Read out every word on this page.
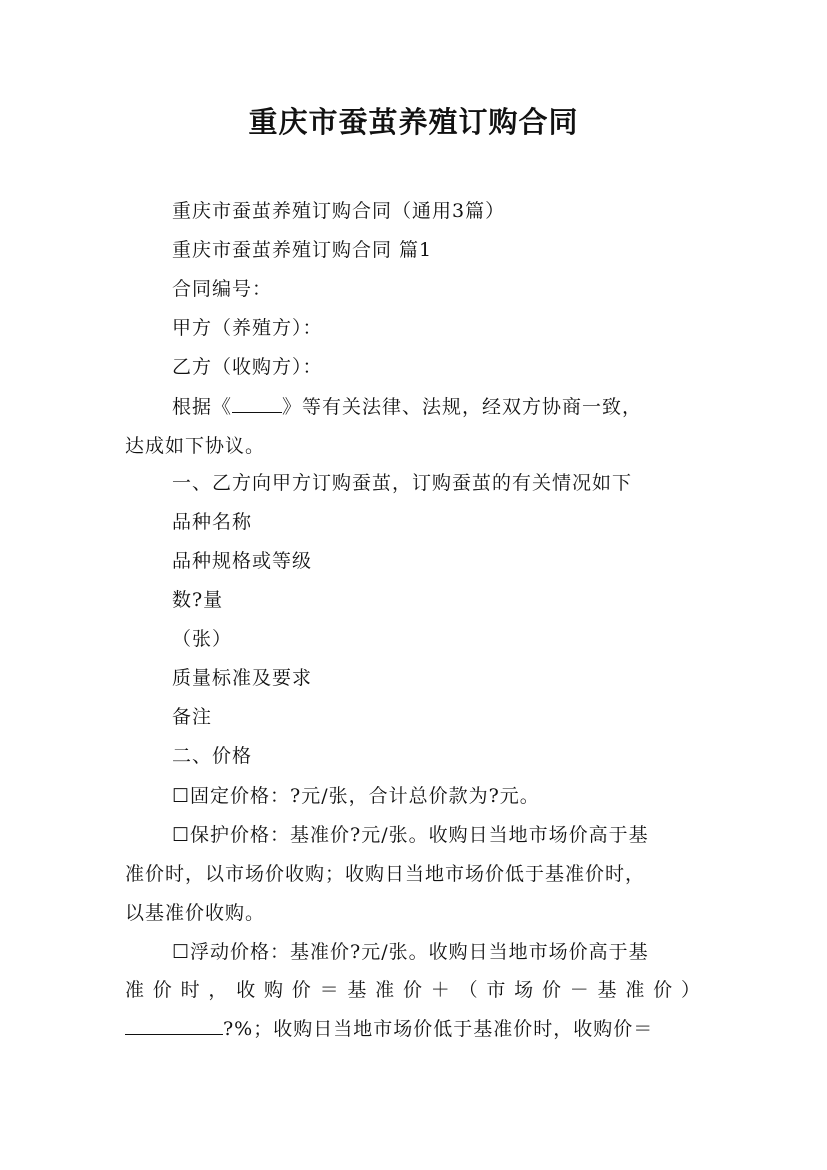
重庆市蚕茧养殖订购合同
重庆市蚕茧养殖订购合同（通用3篇）
重庆市蚕茧养殖订购合同 篇1
合同编号：
甲方（养殖方）：
乙方（收购方）：
根据《	》等有关法律、法规，经双方协商一致，
达成如下协议。
一、乙方向甲方订购蚕茧，订购蚕茧的有关情况如下
品种名称
品种规格或等级
数?量
（张）
质量标准及要求
备注
二、价格
☐固定价格：?元/张，合计总价款为?元。
☐保护价格：基准价?元/张。收购日当地市场价高于基
准价时，以市场价收购；收购日当地市场价低于基准价时，
以基准价收购。
☐浮动价格：基准价?元/张。收购日当地市场价高于基
准 价 时 ， 收 购 价 ＝ 基 准 价 ＋ （ 市 场 价 － 基 准 价 ）
?%；收购日当地市场价低于基准价时，收购价＝
